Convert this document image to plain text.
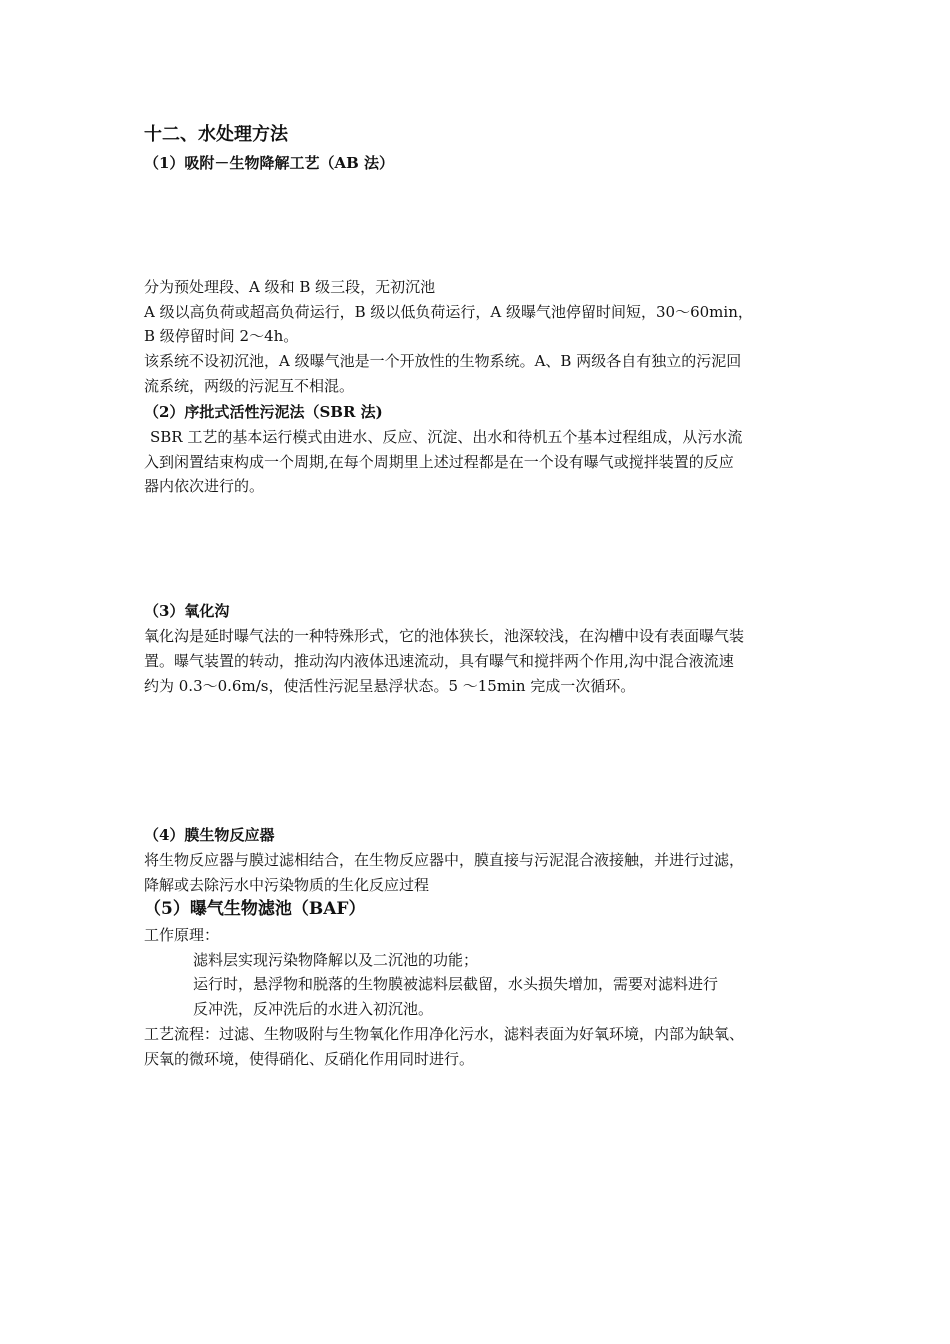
十二、水处理方法
（1）吸附－生物降解工艺（AB 法）
分为预处理段、A 级和 B 级三段，无初沉池
A 级以高负荷或超高负荷运行，B 级以低负荷运行，A 级曝气池停留时间短，30～60min，
B 级停留时间 2～4h。
该系统不设初沉池，A 级曝气池是一个开放性的生物系统。A、B 两级各自有独立的污泥回
流系统，两级的污泥互不相混。
（2）序批式活性污泥法（SBR 法)
SBR 工艺的基本运行模式由进水、反应、沉淀、出水和待机五个基本过程组成，从污水流
入到闲置结束构成一个周期,在每个周期里上述过程都是在一个设有曝气或搅拌装置的反应
器内依次进行的。
（3）氧化沟
氧化沟是延时曝气法的一种特殊形式，它的池体狭长，池深较浅，在沟槽中设有表面曝气装
置。曝气装置的转动，推动沟内液体迅速流动，具有曝气和搅拌两个作用,沟中混合液流速
约为 0.3～0.6m/s，使活性污泥呈悬浮状态。5 ～15min 完成一次循环。
（4）膜生物反应器
将生物反应器与膜过滤相结合，在生物反应器中，膜直接与污泥混合液接触，并进行过滤，
降解或去除污水中污染物质的生化反应过程
（5）曝气生物滤池（BAF）
工作原理：
滤料层实现污染物降解以及二沉池的功能；
运行时，悬浮物和脱落的生物膜被滤料层截留，水头损失增加，需要对滤料进行
反冲洗，反冲洗后的水进入初沉池。
工艺流程：过滤、生物吸附与生物氧化作用净化污水，滤料表面为好氧环境，内部为缺氧、
厌氧的微环境，使得硝化、反硝化作用同时进行。
